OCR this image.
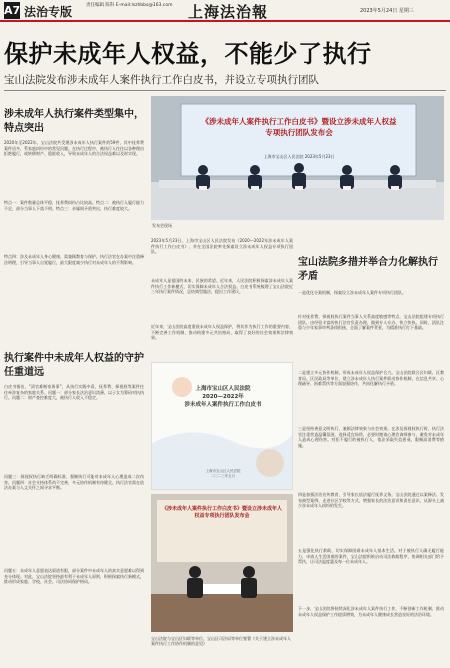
A7 法治专版	责任编辑 陈科 E-mail:lszhbbs@163.com 上海法治報	2023年5月24日 星期三
保护未成年人权益，不能少了执行
宝山法院发布涉未成年人案件执行工作白皮书，并设立专项执行团队
涉未成年人执行案件类型集中，特点突出
2020年至2022年，宝山法院共受理涉未成年人执行案件约59件，其中抚养费案件居多，系家庭纠纷中的常见问题。在执行过程中，被执行人往往以各种理由拒绝履行，或转移财产、隐匿收入，导致未成年人的合法权益难以及时实现。
特点一：案件数量总体平稳，抚养费纠纷占比较高。特点二：被执行人履行能力不足，部分当事人下落不明。特点三：亲属间矛盾突出，执行难度较大。
特点四：涉及未成年人身心健康，需兼顾教育与保护。执行法官在办案中注重释法明理，引导当事人自觉履行，最大限度减少执行对未成年人的不利影响。
执行案件中未成年人权益的守护任重道远
白皮书指出，“清官难断家务事”，从执行实践中看，抚养费、探视权等案件往往牵涉复杂的家庭关系。问题一：部分家长法治意识淡薄，以子女为筹码对抗执行。问题二：财产查控难度大，被执行人收入不稳定。
问题三：探视权执行缺乏明确标准，强制执行可能对未成年人心理造成二次伤害。问题四：社会支持体系尚不完善，多元协作机制有待健全。执行法官需在依法办案与人文关怀之间寻求平衡。
问题五：未成年人意愿表达渠道有限，部分案件中未成年人的真实意愿难以得到充分体现。对此，宝山法院坚持最有利于未成年人原则，积极探索执行新模式，推动形成家庭、学校、社会、司法协同保护格局。
《涉未成年人案件执行工作白皮书》暨设立涉未成年人权益专项执行团队发布会
上海市宝山区人民法院 2023年5月23日
发布会现场
2023年5月23日，上海市宝山区人民法院发布《2020—2022年涉未成年人案件执行工作白皮书》，并在全国法院率先探索设立涉未成年人权益专项执行团队。
未成年人是祖国的未来，民族的希望。近年来，人民法院积极探索涉未成年人案件执行工作新模式，切实保障未成年人合法权益。白皮书系统梳理了宝山法院近三年执行案件情况，总结典型做法，提出工作建议。
近年来，宝山法院高度重视未成年人权益保护，将其作为执行工作的重要内容，不断完善工作机制，推动构建多元共治格局，取得了良好的社会效果和法律效果。
上海市宝山区人民法院
2020—2022年
涉未成年人案件执行工作白皮书
上海市宝山区人民法院
二〇二三年五月
《涉未成年人案件执行工作白皮书》暨设立涉未成年人权益专项执行团队发布会
宝山法院与宝山区妇联等单位、宝山区司法局等单位签署《关于建立涉未成年人案件执行工作协作机制的意见》
宝山法院多措并举合力化解执行矛盾
一是优化分案机制，探索设立涉未成年人案件专项执行团队。
针对抚养费、探视权执行案件当事人关系高度敏感等特点，宝山法院组建专项执行团队，由经验丰富的执行法官负责办理，做到专人专办、快立快执。同时，团队注重与少年家事审判条线衔接，全面了解案件背景，为精准执行打下基础。
二是建立多元协作机制，形成未成年人权益保护合力。宝山法院联合区妇联、区教育局、区民政局等单位，建立涉未成年人执行案件联动协作机制，在信息共享、心理疏导、困难帮扶等方面加强协作，共同化解执行矛盾。
三是坚持善意文明执行，兼顾法律效果与社会效果。在涉及探视权执行时，执行法官注重营造温馨氛围，选择适宜场所，必要时邀请心理咨询师参与，避免对未成年人造成心理伤害。对拒不履行的被执行人，依法采取失信惩戒、限制高消费等措施。
四是加强法治宣传教育，引导家长依法履行抚养义务。宝山法院通过以案释法、发布典型案例、走进社区学校等方式，增强家长的法治意识和责任意识，从源头上减少涉未成年人纠纷的发生。
五是强化执行救助，切实保障困难未成年人基本生活。对于被执行人确无履行能力、申请人生活困难的案件，宝山法院积极启动司法救助程序，协调相关部门给予帮扶，让司法温度惠及每一位未成年人。
下一步，宝山法院将持续深化涉未成年人案件执行工作，不断创新工作机制，推动未成年人权益保护工作提质增效，为未成年人健康成长营造良好的法治环境。
